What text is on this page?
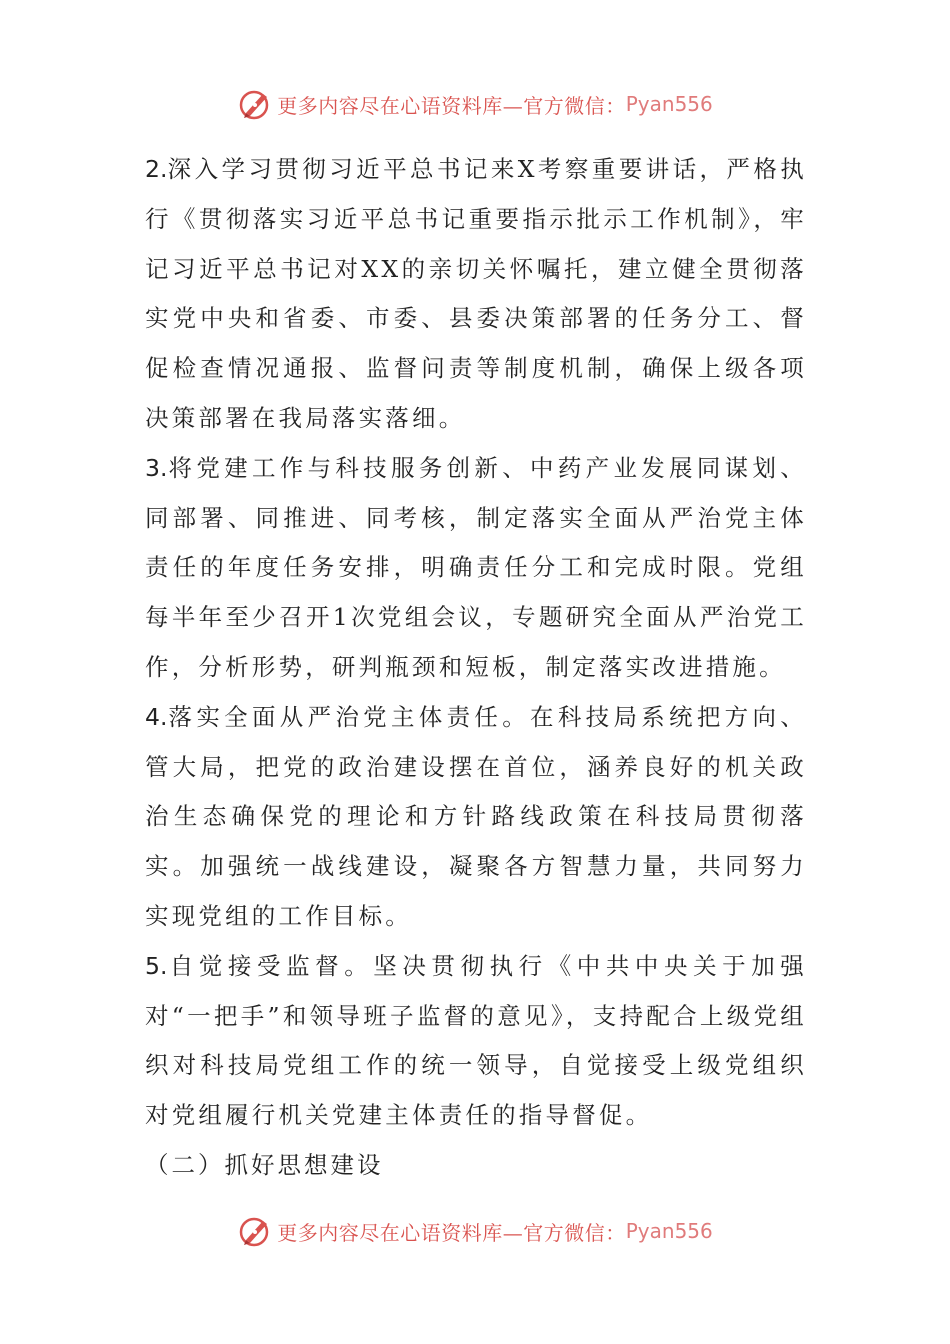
更多内容尽在心语资料库—官方微信： Pyan556

2.深入学习贯彻习近平总书记来X考察重要讲话，严格执行《贯彻落实习近平总书记重要指示批示工作机制》，牢记习近平总书记对XX的亲切关怀嘱托，建立健全贯彻落实党中央和省委、市委、县委决策部署的任务分工、督促检查情况通报、监督问责等制度机制，确保上级各项决策部署在我局落实落细。

3.将党建工作与科技服务创新、中药产业发展同谋划、同部署、同推进、同考核，制定落实全面从严治党主体责任的年度任务安排，明确责任分工和完成时限。党组每半年至少召开1次党组会议，专题研究全面从严治党工作，分析形势，研判瓶颈和短板，制定落实改进措施。

4.落实全面从严治党主体责任。在科技局系统把方向、管大局，把党的政治建设摆在首位，涵养良好的机关政治生态确保党的理论和方针路线政策在科技局贯彻落实。加强统一战线建设，凝聚各方智慧力量，共同努力实现党组的工作目标。

5.自觉接受监督。坚决贯彻执行《中共中央关于加强对“一把手”和领导班子监督的意见》，支持配合上级党组织对科技局党组工作的统一领导，自觉接受上级党组织对党组履行机关党建主体责任的指导督促。

（二）抓好思想建设

更多内容尽在心语资料库—官方微信： Pyan556
